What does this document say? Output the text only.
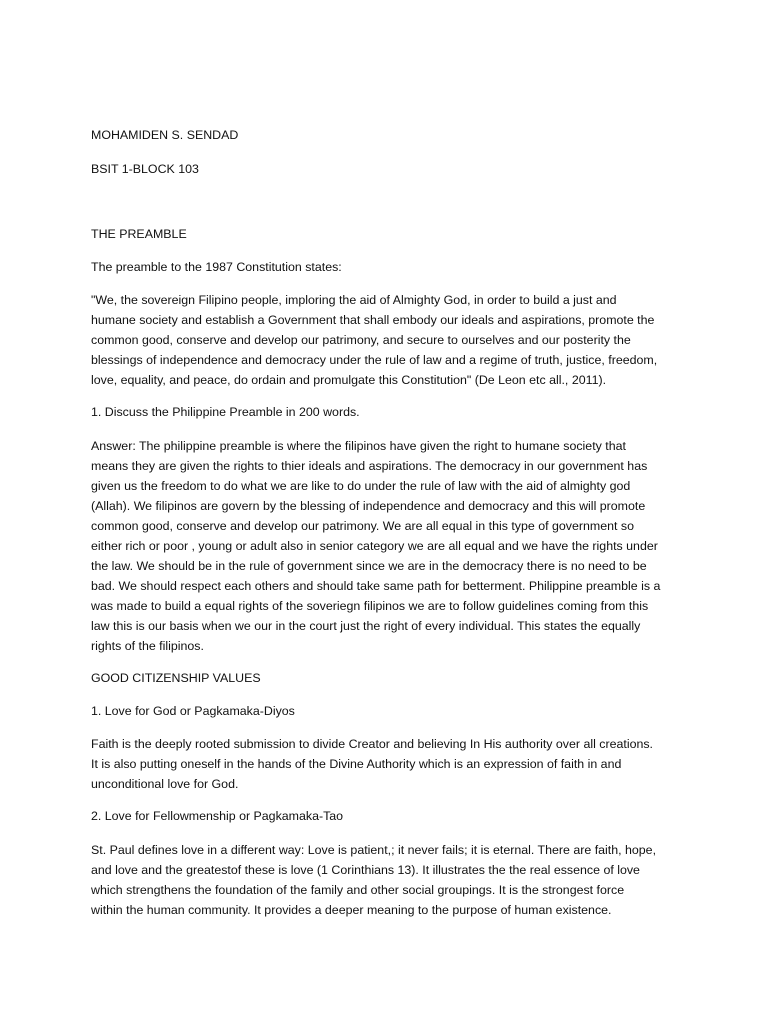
MOHAMIDEN S. SENDAD

BSIT 1-BLOCK 103

THE PREAMBLE

The preamble to the 1987 Constitution states:

"We, the sovereign Filipino people, imploring the aid of Almighty God, in order to build a just and
humane society and establish a Government that shall embody our ideals and aspirations, promote the
common good, conserve and develop our patrimony, and secure to ourselves and our posterity the
blessings of independence and democracy under the rule of law and a regime of truth, justice, freedom,
love, equality, and peace, do ordain and promulgate this Constitution" (De Leon etc all., 2011).

1. Discuss the Philippine Preamble in 200 words.

Answer: The philippine preamble is where the filipinos have given the right to humane society that
means they are given the rights to thier ideals and aspirations. The democracy in our government has
given us the freedom to do what we are like to do under the rule of law with the aid of almighty god
(Allah). We filipinos are govern by the blessing of independence and democracy and this will promote
common good, conserve and develop our patrimony. We are all equal in this type of government so
either rich or poor , young or adult also in senior category we are all equal and we have the rights under
the law. We should be in the rule of government since we are in the democracy there is no need to be
bad. We should respect each others and should take same path for betterment. Philippine preamble is a
was made to build a equal rights of the soveriegn filipinos we are to follow guidelines coming from this
law this is our basis when we our in the court just the right of every individual. This states the equally
rights of the filipinos.

GOOD CITIZENSHIP VALUES

1. Love for God or Pagkamaka-Diyos

Faith is the deeply rooted submission to divide Creator and believing In His authority over all creations.
It is also putting oneself in the hands of the Divine Authority which is an expression of faith in and
unconditional love for God.

2. Love for Fellowmenship or Pagkamaka-Tao

St. Paul defines love in a different way: Love is patient,; it never fails; it is eternal. There are faith, hope,
and love and the greatestof these is love (1 Corinthians 13). It illustrates the the real essence of love
which strengthens the foundation of the family and other social groupings. It is the strongest force
within the human community. It provides a deeper meaning to the purpose of human existence.
